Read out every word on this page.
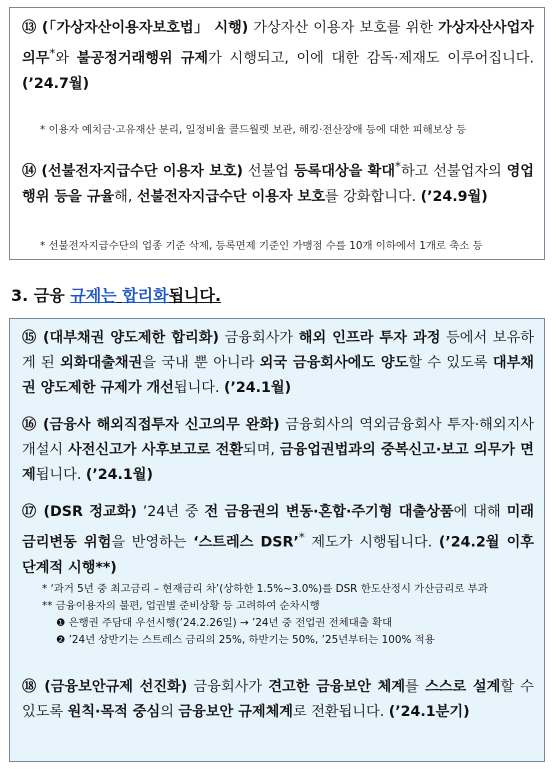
⑬ (「가상자산이용자보호법」 시행) 가상자산 이용자 보호를 위한 가상자산사업자 의무*와 불공정거래행위 규제가 시행되고, 이에 대한 감독·제재도 이루어집니다. (’24.7월)
* 이용자 예치금·고유재산 분리, 일정비율 콜드월렛 보관, 해킹·전산장애 등에 대한 피해보상 등
⑭ (선불전자지급수단 이용자 보호) 선불업 등록대상을 확대*하고 선불업자의 영업행위 등을 규율해, 선불전자지급수단 이용자 보호를 강화합니다. (’24.9월)
* 선불전자지급수단의 업종 기준 삭제, 등록면제 기준인 가맹점 수를 10개 이하에서 1개로 축소 등
3. 금융 규제는 합리화됩니다.
⑮ (대부채권 양도제한 합리화) 금융회사가 해외 인프라 투자 과정 등에서 보유하게 된 외화대출채권을 국내 뿐 아니라 외국 금융회사에도 양도할 수 있도록 대부채권 양도제한 규제가 개선됩니다. (’24.1월)
⑯ (금융사 해외직접투자 신고의무 완화) 금융회사의 역외금융회사 투자·해외지사 개설시 사전신고가 사후보고로 전환되며, 금융업권법과의 중복신고·보고 의무가 면제됩니다. (’24.1월)
⑰ (DSR 정교화) ’24년 중 전 금융권의 변동·혼합·주기형 대출상품에 대해 미래 금리변동 위험을 반영하는 ‘스트레스 DSR’* 제도가 시행됩니다. (’24.2월 이후 단계적 시행**)
* ‘과거 5년 중 최고금리 – 현재금리 차’(상하한 1.5%~3.0%)를 DSR 한도산정시 가산금리로 부과
** 금융이용자의 불편, 업권별 준비상황 등 고려하여 순차시행
❶ 은행권 주담대 우선시행(’24.2.26일) → ’24년 중 전업권 전체대출 확대
❷ ’24년 상반기는 스트레스 금리의 25%, 하반기는 50%, ’25년부터는 100% 적용
⑱ (금융보안규제 선진화) 금융회사가 견고한 금융보안 체계를 스스로 설계할 수 있도록 원칙·목적 중심의 금융보안 규제체계로 전환됩니다. (’24.1분기)
